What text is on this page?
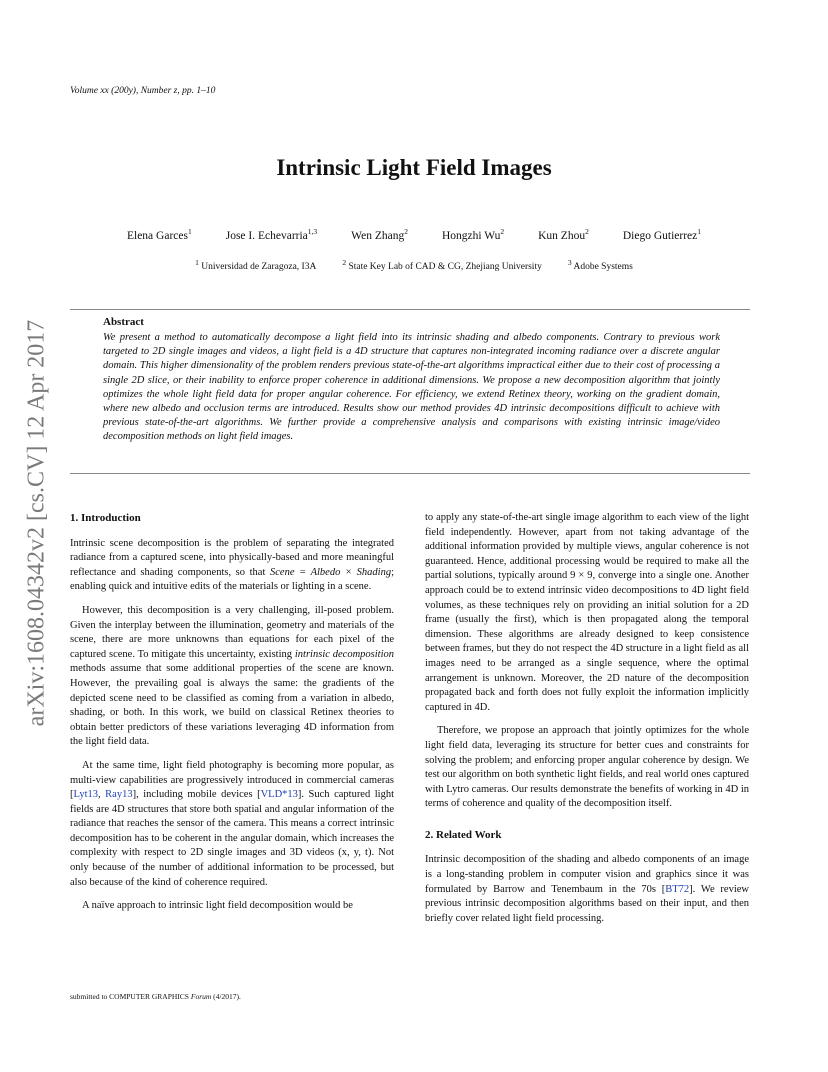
Volume xx (200y), Number z, pp. 1–10
Intrinsic Light Field Images
Elena Garces$^1$	Jose I. Echevarria$^{1,3}$	Wen Zhang$^2$	Hongzhi Wu$^2$	Kun Zhou$^2$	Diego Gutierrez$^1$
$^1$ Universidad de Zaragoza, I3A	$^2$ State Key Lab of CAD & CG, Zhejiang University	$^3$ Adobe Systems
arXiv:1608.04342v2 [cs.CV] 12 Apr 2017	Abstract
We present a method to automatically decompose a light field into its intrinsic shading and albedo components. Contrary to previous work targeted to 2D single images and videos, a light field is a 4D structure that captures non-integrated incoming radiance over a discrete angular domain. This higher dimensionality of the problem renders previous state-of-the-art algorithms impractical either due to their cost of processing a single 2D slice, or their inability to enforce proper coherence in additional dimensions. We propose a new decomposition algorithm that jointly optimizes the whole light field data for proper angular coherence. For efficiency, we extend Retinex theory, working on the gradient domain, where new albedo and occlusion terms are introduced. Results show our method provides 4D intrinsic decompositions difficult to achieve with previous state-of-the-art algorithms. We further provide a comprehensive analysis and comparisons with existing intrinsic image/video decomposition methods on light field images.
1. Introduction

Intrinsic scene decomposition is the problem of separating the integrated radiance from a captured scene, into physically-based and more meaningful reflectance and shading components, so that Scene = Albedo × Shading; enabling quick and intuitive edits of the materials or lighting in a scene.

However, this decomposition is a very challenging, ill-posed problem. Given the interplay between the illumination, geometry and materials of the scene, there are more unknowns than equations for each pixel of the captured scene. To mitigate this uncertainty, existing intrinsic decomposition methods assume that some additional properties of the scene are known. However, the prevailing goal is always the same: the gradients of the depicted scene need to be classified as coming from a variation in albedo, shading, or both. In this work, we build on classical Retinex theories to obtain better predictors of these variations leveraging 4D information from the light field data.

At the same time, light field photography is becoming more popular, as multi-view capabilities are progressively introduced in commercial cameras [Lyt13, Ray13], including mobile devices [VLD*13]. Such captured light fields are 4D structures that store both spatial and angular information of the radiance that reaches the sensor of the camera. This means a correct intrinsic decomposition has to be coherent in the angular domain, which increases the complexity with respect to 2D single images and 3D videos (x, y, t). Not only because of the number of additional information to be processed, but also because of the kind of coherence required.

A naïve approach to intrinsic light field decomposition would be

to apply any state-of-the-art single image algorithm to each view of the light field independently. However, apart from not taking advantage of the additional information provided by multiple views, angular coherence is not guaranteed. Hence, additional processing would be required to make all the partial solutions, typically around 9 × 9, converge into a single one. Another approach could be to extend intrinsic video decompositions to 4D light field volumes, as these techniques rely on providing an initial solution for a 2D frame (usually the first), which is then propagated along the temporal dimension. These algorithms are already designed to keep consistence between frames, but they do not respect the 4D structure in a light field as all images need to be arranged as a single sequence, where the optimal arrangement is unknown. Moreover, the 2D nature of the decomposition propagated back and forth does not fully exploit the information implicitly captured in 4D.

Therefore, we propose an approach that jointly optimizes for the whole light field data, leveraging its structure for better cues and constraints for solving the problem; and enforcing proper angular coherence by design. We test our algorithm on both synthetic light fields, and real world ones captured with Lytro cameras. Our results demonstrate the benefits of working in 4D in terms of coherence and quality of the decomposition itself.

2. Related Work

Intrinsic decomposition of the shading and albedo components of an image is a long-standing problem in computer vision and graphics since it was formulated by Barrow and Tenembaum in the 70s [BT72]. We review previous intrinsic decomposition algorithms based on their input, and then briefly cover related light field processing.

submitted to COMPUTER GRAPHICS Forum (4/2017).
